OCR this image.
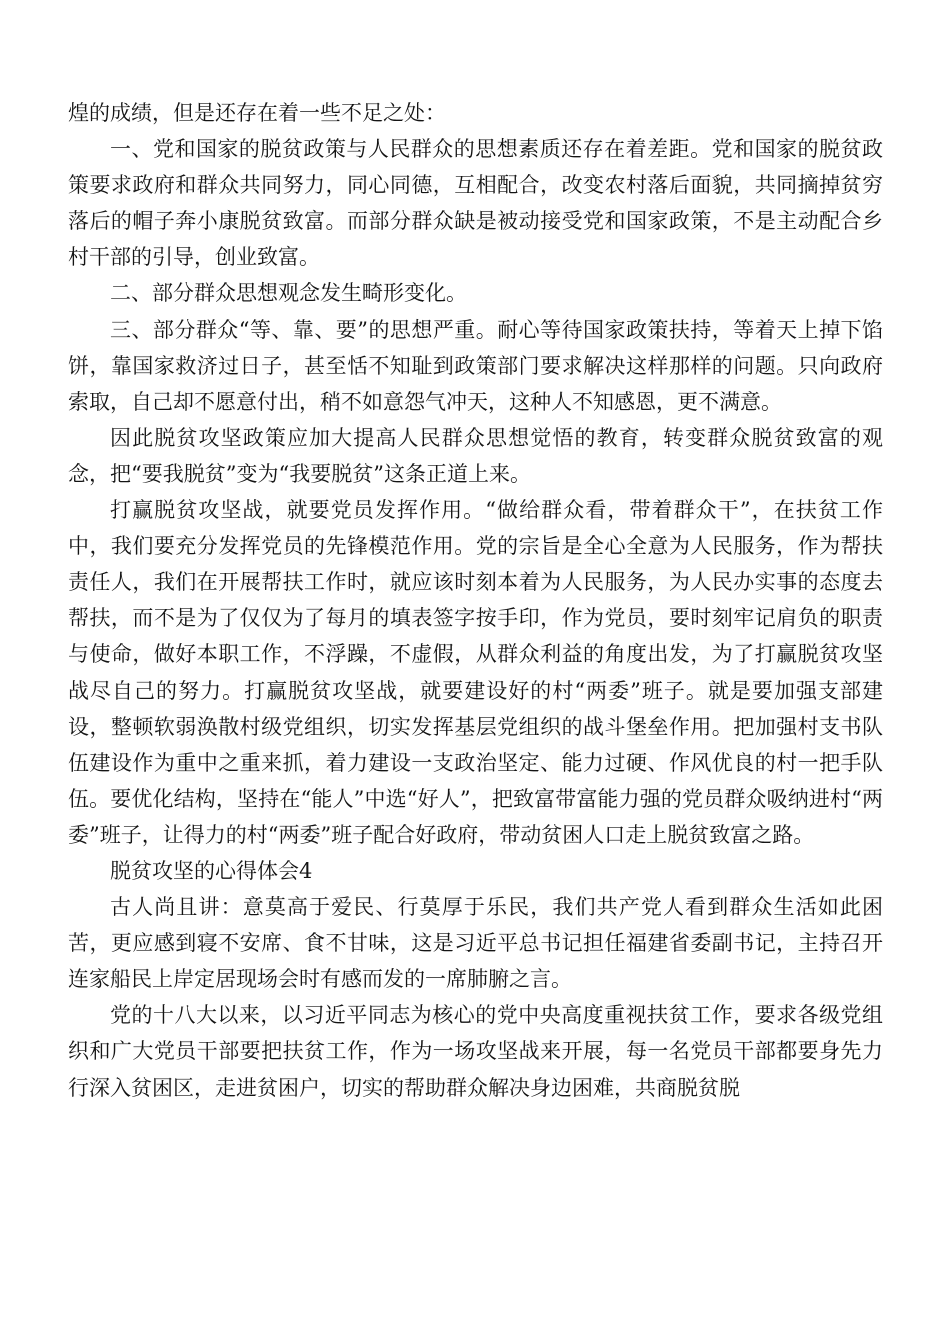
煌的成绩，但是还存在着一些不足之处：

一、党和国家的脱贫政策与人民群众的思想素质还存在着差距。党和国家的脱贫政策要求政府和群众共同努力，同心同德，互相配合，改变农村落后面貌，共同摘掉贫穷落后的帽子奔小康脱贫致富。而部分群众缺是被动接受党和国家政策，不是主动配合乡村干部的引导，创业致富。

二、部分群众思想观念发生畸形变化。

三、部分群众“等、靠、要”的思想严重。耐心等待国家政策扶持，等着天上掉下馅饼，靠国家救济过日子，甚至恬不知耻到政策部门要求解决这样那样的问题。只向政府索取，自己却不愿意付出，稍不如意怨气冲天，这种人不知感恩，更不满意。

因此脱贫攻坚政策应加大提高人民群众思想觉悟的教育，转变群众脱贫致富的观念，把“要我脱贫”变为“我要脱贫”这条正道上来。

打赢脱贫攻坚战，就要党员发挥作用。“做给群众看，带着群众干”，在扶贫工作中，我们要充分发挥党员的先锋模范作用。党的宗旨是全心全意为人民服务，作为帮扶责任人，我们在开展帮扶工作时，就应该时刻本着为人民服务，为人民办实事的态度去帮扶，而不是为了仅仅为了每月的填表签字按手印，作为党员，要时刻牢记肩负的职责与使命，做好本职工作，不浮躁，不虚假，从群众利益的角度出发，为了打赢脱贫攻坚战尽自己的努力。打赢脱贫攻坚战，就要建设好的村“两委”班子。就是要加强支部建设，整顿软弱涣散村级党组织，切实发挥基层党组织的战斗堡垒作用。把加强村支书队伍建设作为重中之重来抓，着力建设一支政治坚定、能力过硬、作风优良的村一把手队伍。要优化结构，坚持在“能人”中选“好人”，把致富带富能力强的党员群众吸纳进村“两委”班子，让得力的村“两委”班子配合好政府，带动贫困人口走上脱贫致富之路。

脱贫攻坚的心得体会4

古人尚且讲：意莫高于爱民、行莫厚于乐民，我们共产党人看到群众生活如此困苦，更应感到寝不安席、食不甘味，这是习近平总书记担任福建省委副书记，主持召开连家船民上岸定居现场会时有感而发的一席肺腑之言。

党的十八大以来，以习近平同志为核心的党中央高度重视扶贫工作，要求各级党组织和广大党员干部要把扶贫工作，作为一场攻坚战来开展，每一名党员干部都要身先力行深入贫困区，走进贫困户，切实的帮助群众解决身边困难，共商脱贫脱
